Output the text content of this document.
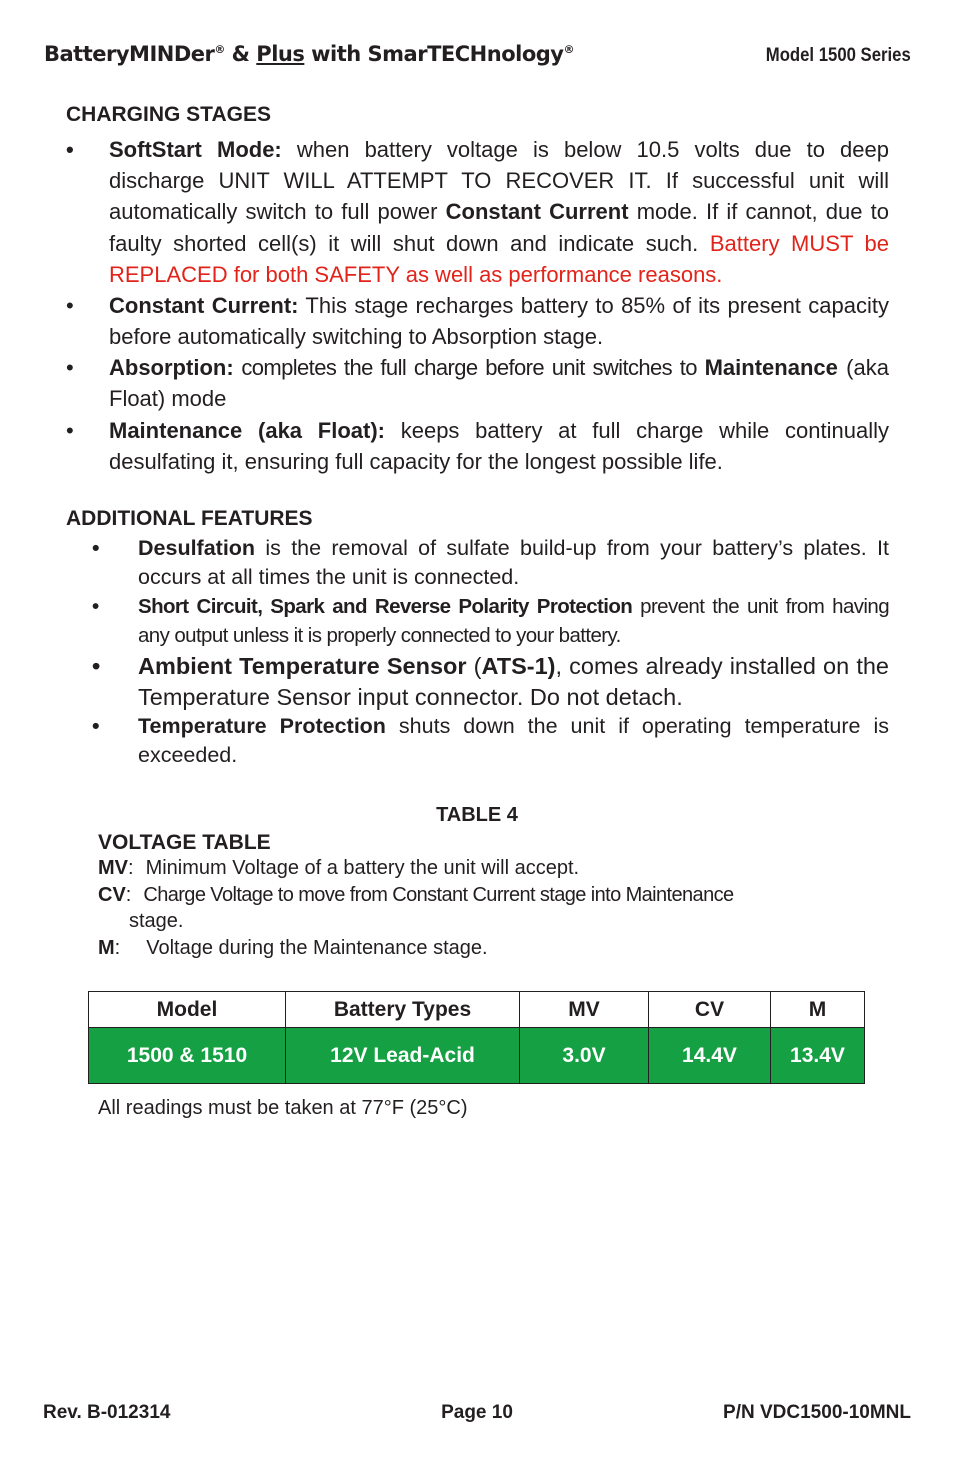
BatteryMINDer® & Plus with SmarTECHnology®	Model 1500 Series
CHARGING STAGES
•	SoftStart Mode: when battery voltage is below 10.5 volts due to deep discharge UNIT WILL ATTEMPT TO RECOVER IT. If successful unit will automatically switch to full power Constant Current mode. If if cannot, due to faulty shorted cell(s) it will shut down and indicate such. Battery MUST be REPLACED for both SAFETY as well as performance reasons.
•	Constant Current: This stage recharges battery to 85% of its present capacity before automatically switching to Absorption stage.
•	Absorption: completes the full charge before unit switches to Maintenance (aka Float) mode
•	Maintenance (aka Float): keeps battery at full charge while continually desulfating it, ensuring full capacity for the longest possible life.
ADDITIONAL FEATURES
• Desulfation is the removal of sulfate build-up from your battery’s plates. It occurs at all times the unit is connected.
• Short Circuit, Spark and Reverse Polarity Protection prevent the unit from having any output unless it is properly connected to your battery.
• Ambient Temperature Sensor (ATS-1), comes already installed on the Temperature Sensor input connector. Do not detach.
• Temperature Protection shuts down the unit if operating temperature is exceeded.
TABLE 4
VOLTAGE TABLE
MV: Minimum Voltage of a battery the unit will accept.
CV: Charge Voltage to move from Constant Current stage into Maintenance
stage.
M: Voltage during the Maintenance stage.
Model	Battery Types	MV	CV	M
1500 & 1510	12V Lead-Acid	3.0V	14.4V	13.4V
All readings must be taken at 77°F (25°C)
Rev. B-012314	Page 10	P/N VDC1500-10MNL
